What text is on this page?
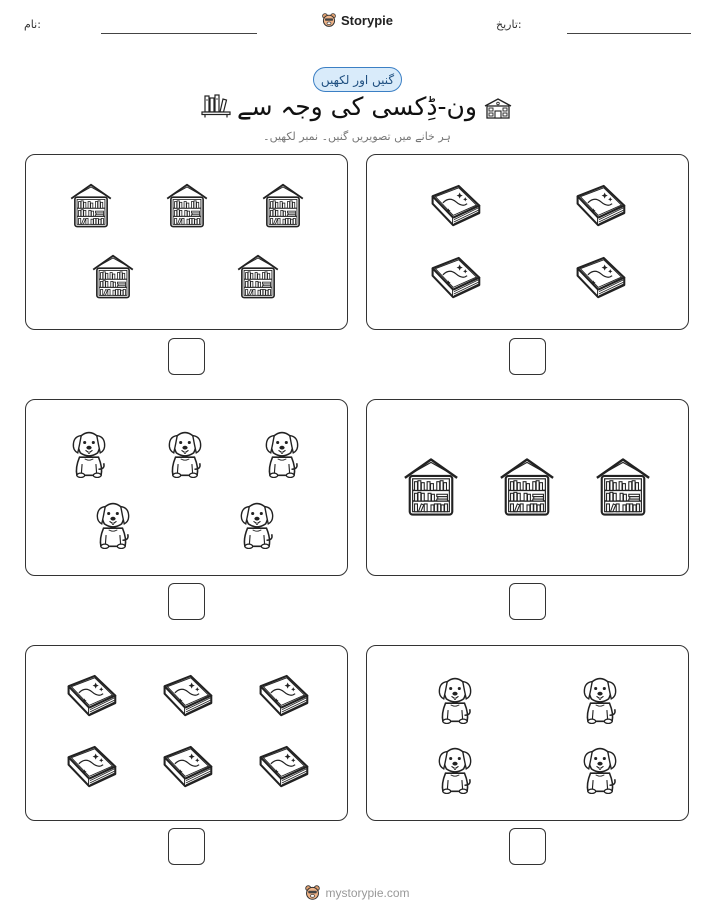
نام:	Storypie	تاریخ:
گنیں اور لکھیں
ون-ڈِکسی کی وجہ سے
ہر خانے میں تصویریں گنیں۔ نمبر لکھیں۔
mystorypie.com
